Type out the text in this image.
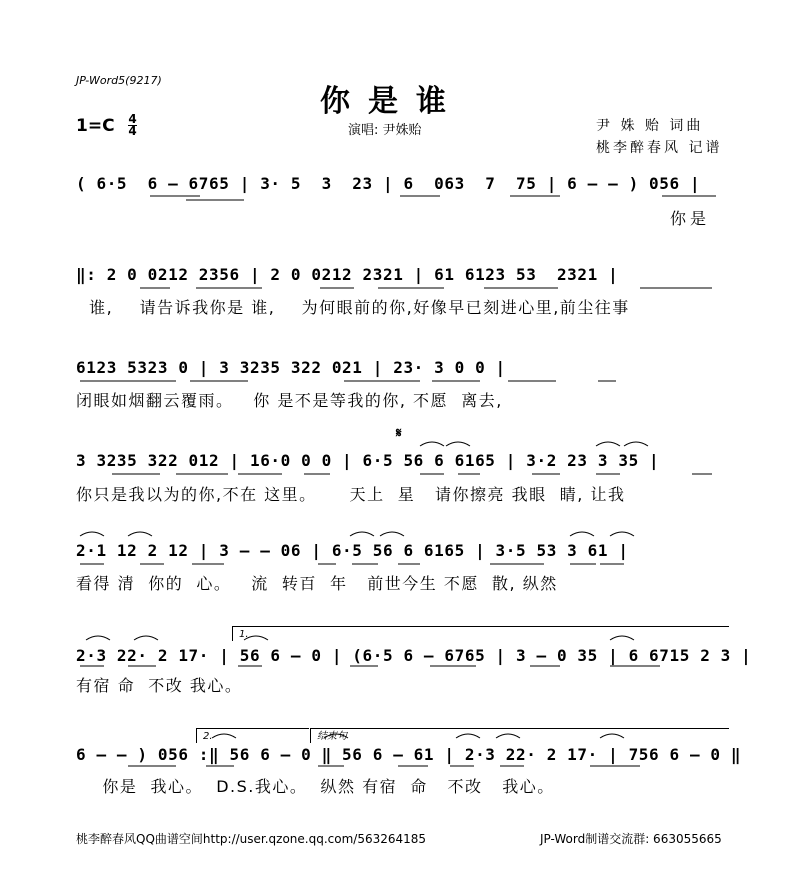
JP-Word5(9217)
你是谁
1=C 4
4	演唱: 尹姝贻	尹 姝 贻 词曲
桃李醉春风 记谱
( 6·5  6 – 6765 | 3· 5  3  23 | 6  063  7  75 | 6 – – ) 056 |
你是
‖: 2 0 0212 2356 | 2 0 0212 2321 | 61 6123 53  2321 |
谁,    请告诉我你是 谁,    为何眼前的你,好像早已刻进心里,前尘往事
6123 5323 0 | 3 3235 322 021 | 23· 3 0 0 |
闭眼如烟翻云覆雨。   你 是不是等我的你, 不愿  离去,
𝄋
3 3235 322 012 | 16·0 0 0 | 6·5 56 6 6165 | 3·2 23 3 35 |
你只是我以为的你,不在 这里。     天上  星   请你擦亮 我眼  睛, 让我
2·1 12 2 12 | 3 – – 06 | 6·5 56 6 6165 | 3·5 53 3 61 |
看得 清  你的  心。   流  转百  年   前世今生 不愿  散, 纵然
1.
2·3 22· 2 17· | 56 6 – 0 | (6·5 6 – 6765 | 3 – 0 35 | 6 6715 2 3 |
有宿 命  不改 我心。
2.	结束句
6 – – ) 056 :‖ 56 6 – 0 ‖ 56 6 – 61 | 2·3 22· 2 17· | 756 6 – 0 ‖
你是  我心。  D.S.我心。  纵然 有宿  命   不改   我心。
桃李醉春风QQ曲谱空间http://user.qzone.qq.com/563264185	JP-Word制谱交流群: 663055665
